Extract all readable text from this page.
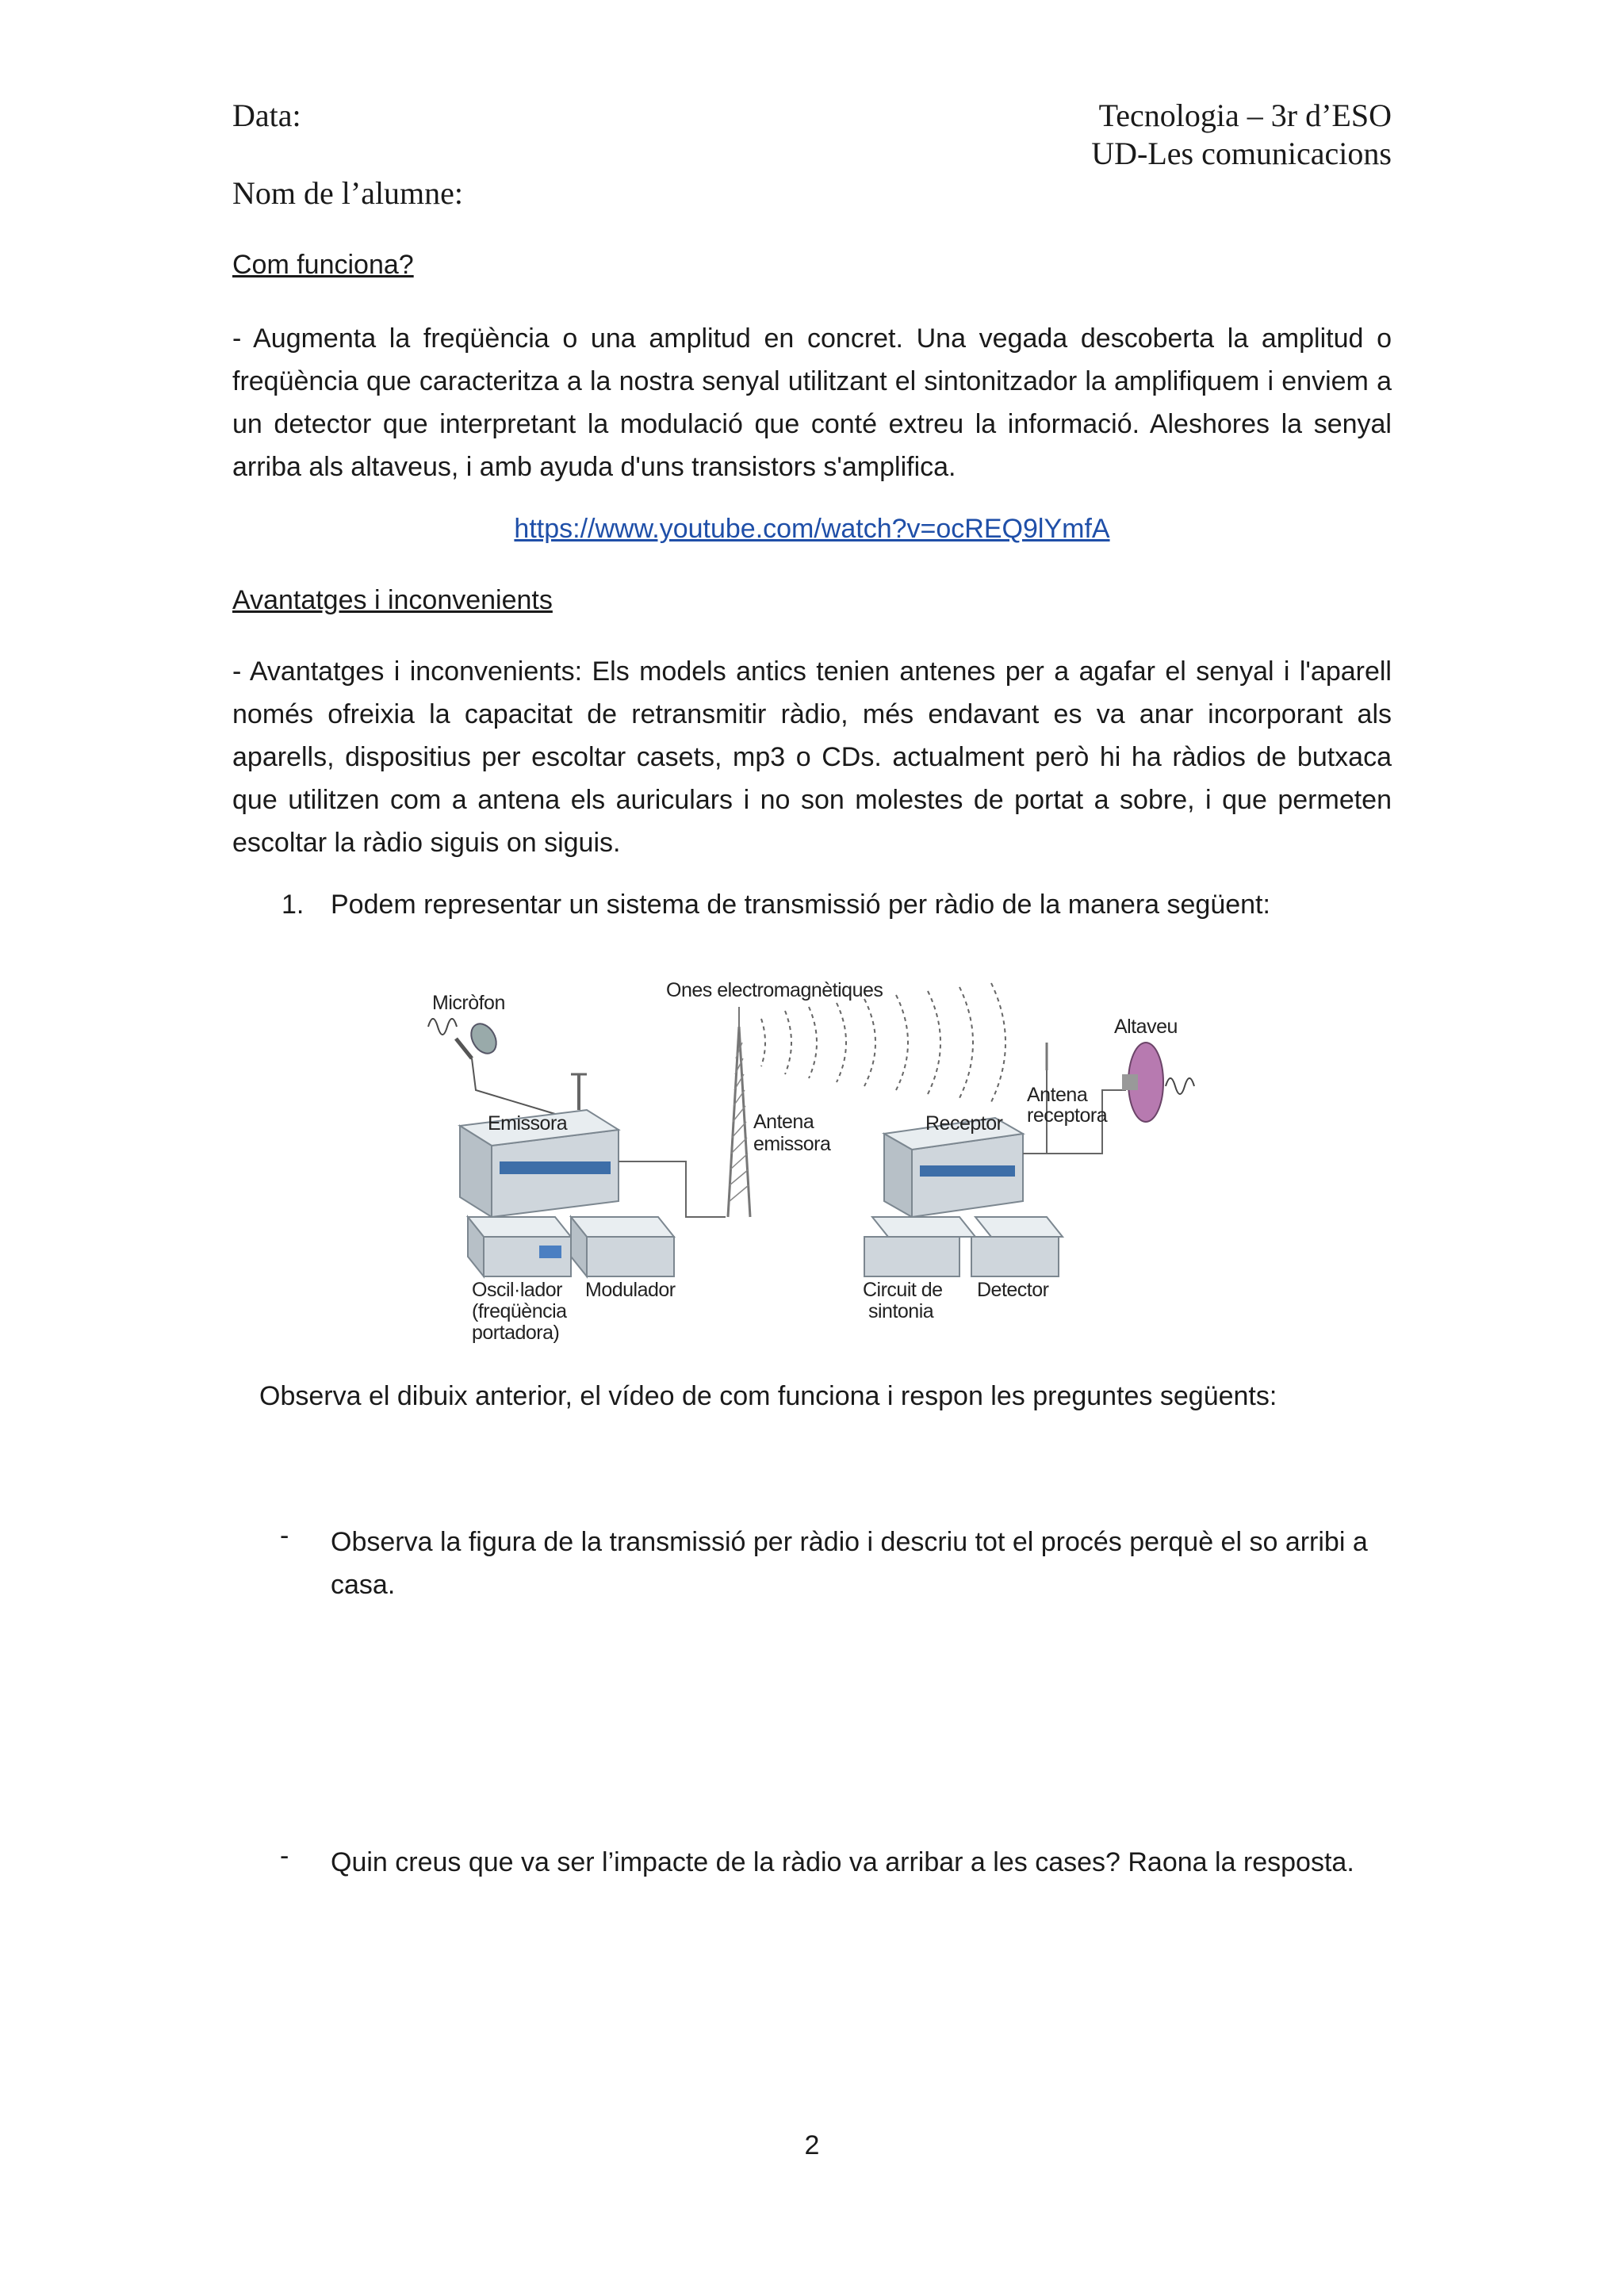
Data:	Tecnologia – 3r d’ESO
UD-Les comunicacions
Nom de l’alumne:
Com funciona?
- Augmenta la freqüència o una amplitud en concret. Una vegada descoberta la amplitud o freqüència que caracteritza a la nostra senyal utilitzant el sintonitzador la amplifiquem i enviem a un detector que interpretant la modulació que conté extreu la informació. Aleshores la senyal arriba als altaveus, i amb ayuda d'uns transistors s'amplifica.
https://www.youtube.com/watch?v=ocREQ9lYmfA
Avantatges i inconvenients
- Avantatges i inconvenients: Els models antics tenien antenes per a agafar el senyal i l'aparell només ofreixia la capacitat de retransmitir ràdio, més endavant es va anar incorporant als aparells, dispositius per escoltar casets, mp3 o CDs. actualment però hi ha ràdios de butxaca que utilitzen com a antena els auriculars i no son molestes de portat a sobre, i que permeten escoltar la ràdio siguis on siguis.
1. Podem representar un sistema de transmissió per ràdio de la manera següent:
Micròfon
Ones electromagnètiques
Altaveu
Emissora	Antena
emissora
Receptor
Antena
receptora
Oscil·lador
(freqüència
portadora)
Modulador	Circuit de
sintonia
Detector
Observa el dibuix anterior, el vídeo de com funciona i respon les preguntes següents:
- Observa la figura de la transmissió per ràdio i descriu tot el procés perquè el so arribi a casa.
- Quin creus que va ser l’impacte de la ràdio va arribar a les cases? Raona la resposta.
2
